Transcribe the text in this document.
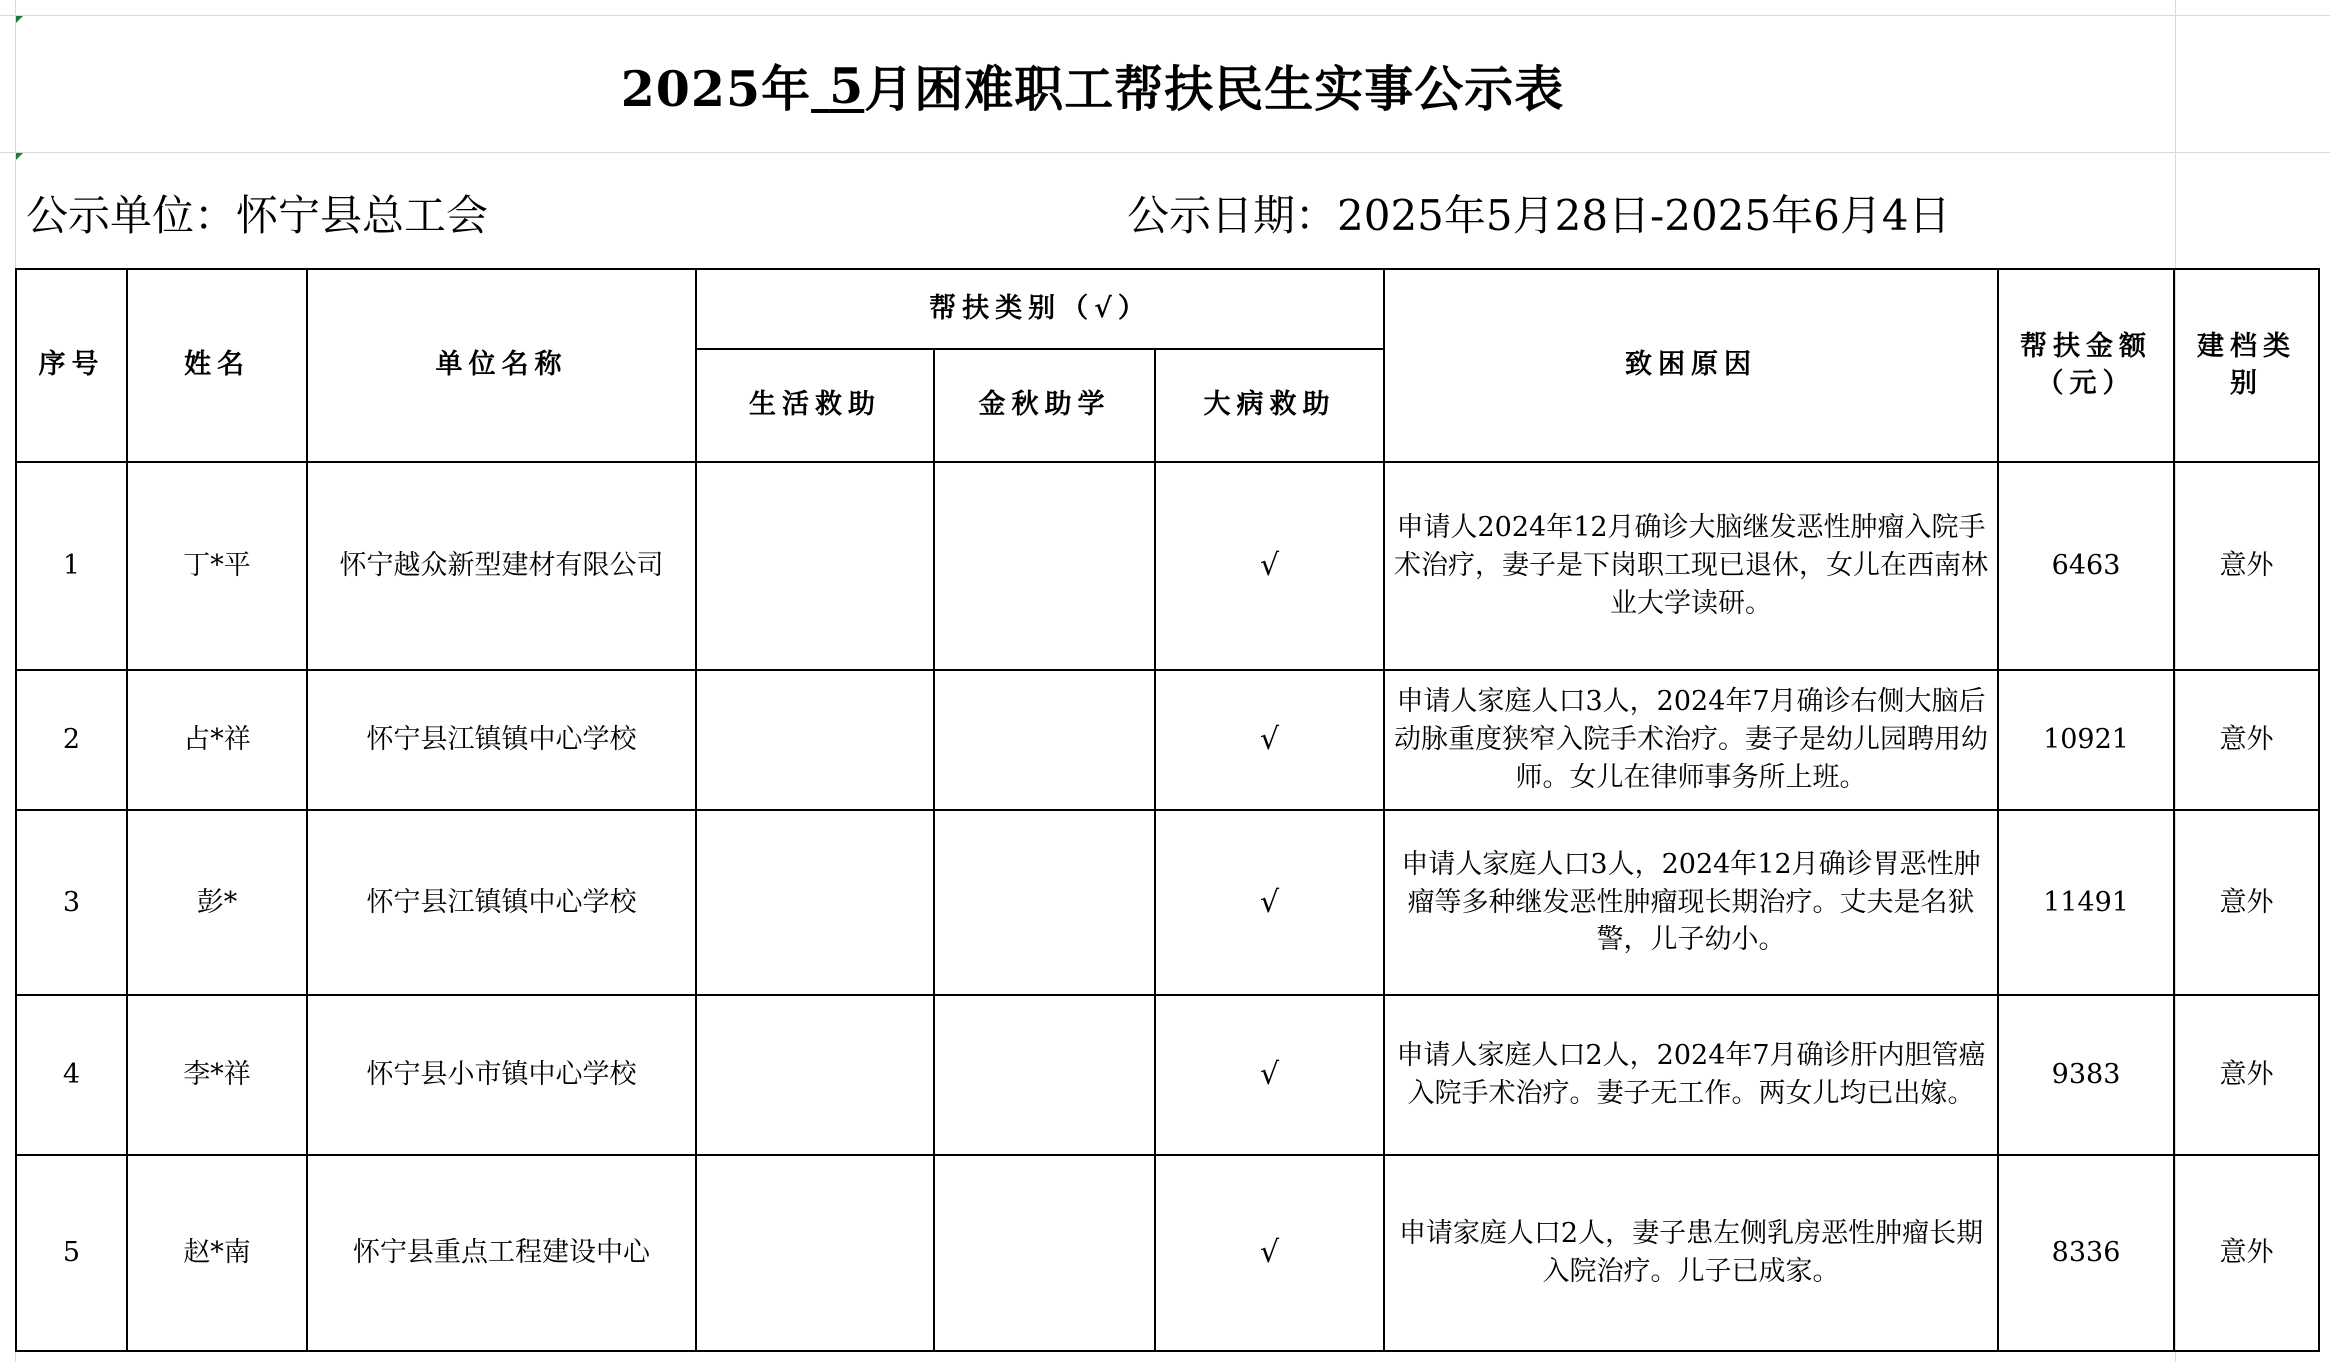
2025年 5 月困难职工帮扶民生实事公示表
公示单位：怀宁县总工会	公示日期：2025年5月28日-2025年6月4日
序号	姓名	单位名称	帮扶类别（√）			致困原因	帮扶金额（元）	建档类别
			生活救助	金秋助学	大病救助			
1	丁*平	怀宁越众新型建材有限公司			√	申请人2024年12月确诊大脑继发恶性肿瘤入院手术治疗，妻子是下岗职工现已退休，女儿在西南林业大学读研。	6463	意外
2	占*祥	怀宁县江镇镇中心学校			√	申请人家庭人口3人，2024年7月确诊右侧大脑后动脉重度狭窄入院手术治疗。妻子是幼儿园聘用幼师。女儿在律师事务所上班。	10921	意外
3	彭*	怀宁县江镇镇中心学校			√	申请人家庭人口3人，2024年12月确诊胃恶性肿瘤等多种继发恶性肿瘤现长期治疗。丈夫是名狱警，儿子幼小。	11491	意外
4	李*祥	怀宁县小市镇中心学校			√	申请人家庭人口2人，2024年7月确诊肝内胆管癌入院手术治疗。妻子无工作。两女儿均已出嫁。	9383	意外
5	赵*南	怀宁县重点工程建设中心			√	申请家庭人口2人，妻子患左侧乳房恶性肿瘤长期入院治疗。儿子已成家。	8336	意外
